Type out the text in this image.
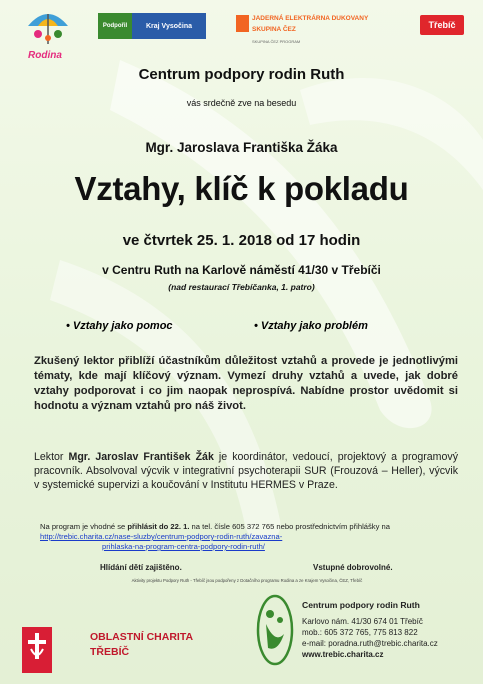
Rodina
Podpořil	Kraj Vysočina
JADERNÁ ELEKTRÁRNA DUKOVANY
SKUPINA ČEZ
SKUPINA ČEZ PROGRAM
Třebíč
Centrum podpory rodin Ruth
vás srdečně zve na besedu
Mgr. Jaroslava Františka Žáka
Vztahy, klíč k pokladu
ve čtvrtek 25. 1. 2018 od 17 hodin
v Centru Ruth na Karlově náměstí 41/30 v Třebíči
(nad restaurací Třebíčanka, 1. patro)
• Vztahy jako pomoc	• Vztahy jako problém
Zkušený lektor přiblíží účastníkům důležitost vztahů a provede je jednotlivými tématy, kde mají klíčový význam. Vymezí druhy vztahů a uvede, jak dobré vztahy podporovat i co jim naopak neprospívá. Nabídne prostor uvědomit si hodnotu a význam vztahů pro náš život.
Lektor Mgr. Jaroslav František Žák je koordinátor, vedoucí, projektový a programový pracovník. Absolvoval výcvik v integrativní psychoterapii SUR (Frouzová – Heller), výcvik v systemické supervizi a koučování v Institutu HERMES v Praze.
Na program je vhodné se přihlásit do 22. 1. na tel. čísle 605 372 765 nebo prostřednictvím přihlášky na http://trebic.charita.cz/nase-sluzby/centrum-podpory-rodin-ruth/zavazna-
prihlaska-na-program-centra-podpory-rodin-ruth/
Hlídání dětí zajištěno.	Vstupné dobrovolné.
Aktivity projektu Podpory Ruth - Třebíč jsou podpořeny z Dotačního programu Rodina a ze Krajem Vysočina, ČEZ, Třebíč
OBLASTNÍ CHARITA
TŘEBÍČ
Centrum podpory rodin Ruth
Karlovo nám. 41/30 674 01 Třebíč
mob.: 605 372 765, 775 813 822
e-mail: poradna.ruth@trebic.charita.cz
www.trebic.charita.cz
